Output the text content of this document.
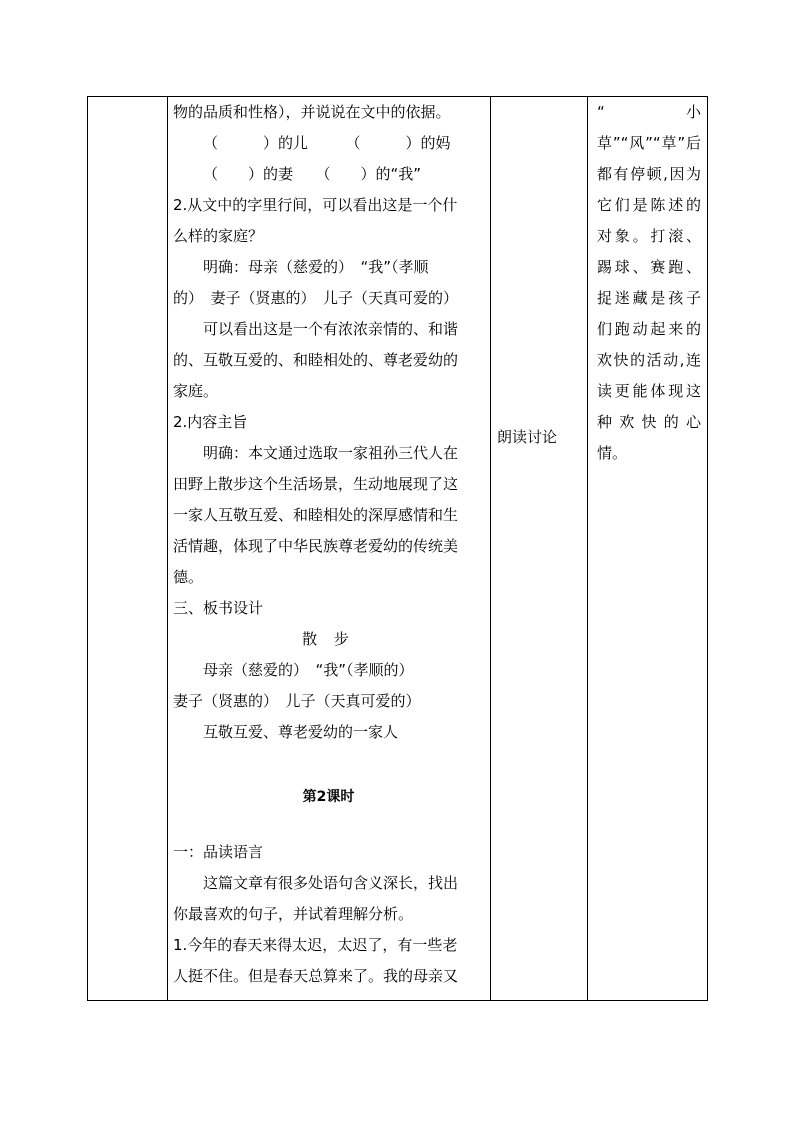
物的品质和性格），并说说在文中的依据。
（　　　）的儿　　　（　　　）的妈
（　　）的妻　　（　　）的“我”
2.从文中的字里行间，可以看出这是一个什
么样的家庭？
明确：母亲（慈爱的）　“我”（孝顺
的）　妻子（贤惠的）　儿子（天真可爱的）
可以看出这是一个有浓浓亲情的、和谐
的、互敬互爱的、和睦相处的、尊老爱幼的
家庭。
2.内容主旨
明确：本文通过选取一家祖孙三代人在
田野上散步这个生活场景，生动地展现了这
一家人互敬互爱、和睦相处的深厚感情和生
活情趣，体现了中华民族尊老爱幼的传统美
德。
三、板书设计
散 步
母亲（慈爱的）　“我”（孝顺的）
妻子（贤惠的）　儿子（天真可爱的）
互敬互爱、尊老爱幼的一家人
第2课时
一：品读语言
这篇文章有很多处语句含义深长，找出
你最喜欢的句子，并试着理解分析。
1.今年的春天来得太迟，太迟了，有一些老
人挺不住。但是春天总算来了。我的母亲又

朗读讨论

“小草”“风”“草”后都有停顿,因为它们是陈述的对象。打滚、踢球、赛跑、捉迷藏是孩子们跑动起来的欢快的活动,连读更能体现这种欢快的心情。
